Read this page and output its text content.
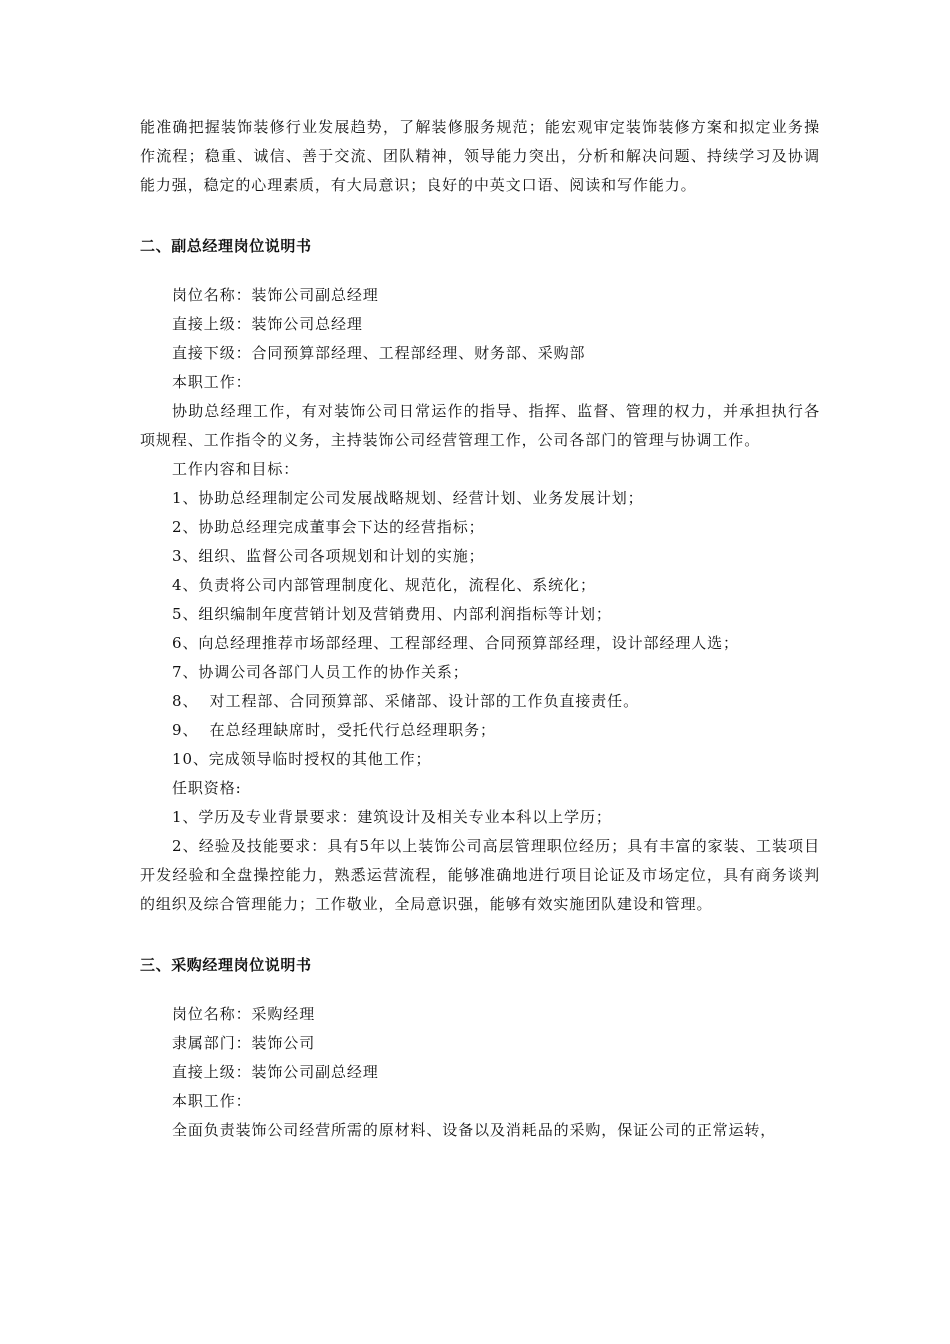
能准确把握装饰装修行业发展趋势，了解装修服务规范；能宏观审定装饰装修方案和拟定业务操作流程；稳重、诚信、善于交流、团队精神，领导能力突出，分析和解决问题、持续学习及协调能力强，稳定的心理素质，有大局意识；良好的中英文口语、阅读和写作能力。

二、副总经理岗位说明书

岗位名称：装饰公司副总经理

直接上级：装饰公司总经理

直接下级：合同预算部经理、工程部经理、财务部、采购部

本职工作：

协助总经理工作，有对装饰公司日常运作的指导、指挥、监督、管理的权力，并承担执行各项规程、工作指令的义务，主持装饰公司经营管理工作，公司各部门的管理与协调工作。

工作内容和目标：

1、协助总经理制定公司发展战略规划、经营计划、业务发展计划；

2、协助总经理完成董事会下达的经营指标；

3、组织、监督公司各项规划和计划的实施；

4、负责将公司内部管理制度化、规范化，流程化、系统化；

5、组织编制年度营销计划及营销费用、内部利润指标等计划；

6、向总经理推荐市场部经理、工程部经理、合同预算部经理，设计部经理人选；

7、协调公司各部门人员工作的协作关系；

8、  对工程部、合同预算部、采储部、设计部的工作负直接责任。

9、  在总经理缺席时，受托代行总经理职务；

10、完成领导临时授权的其他工作；

任职资格:

1、学历及专业背景要求：建筑设计及相关专业本科以上学历；

2、经验及技能要求：具有5年以上装饰公司高层管理职位经历；具有丰富的家装、工装项目开发经验和全盘操控能力，熟悉运营流程，能够准确地进行项目论证及市场定位，具有商务谈判的组织及综合管理能力；工作敬业，全局意识强，能够有效实施团队建设和管理。

三、采购经理岗位说明书

岗位名称：采购经理

隶属部门：装饰公司

直接上级：装饰公司副总经理

本职工作：

全面负责装饰公司经营所需的原材料、设备以及消耗品的采购，保证公司的正常运转，
